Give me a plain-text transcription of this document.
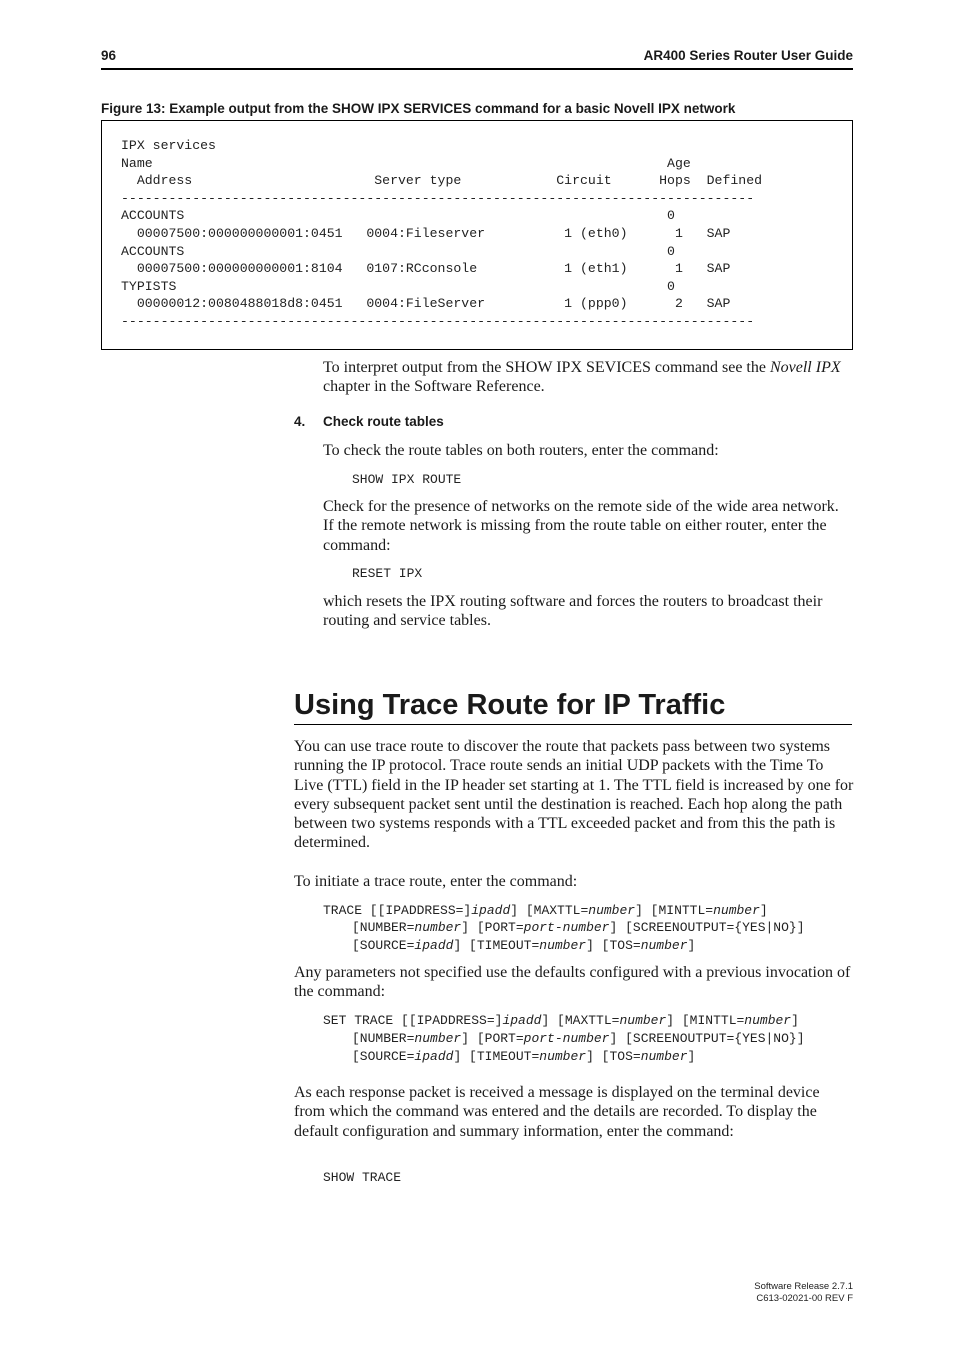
96	AR400 Series Router User Guide
Figure 13: Example output from the SHOW IPX SERVICES command for a basic Novell IPX network
IPX services
Name                                                                 Age
Address                       Server type            Circuit      Hops  Defined
--------------------------------------------------------------------------------
ACCOUNTS                                                             0
00007500:000000000001:0451   0004:Fileserver          1 (eth0)      1   SAP
ACCOUNTS                                                             0
00007500:000000000001:8104   0107:RCconsole           1 (eth1)      1   SAP
TYPISTS                                                              0
00000012:0080488018d8:0451   0004:FileServer          1 (ppp0)      2   SAP
--------------------------------------------------------------------------------

To interpret output from the SHOW IPX SEVICES command see the Novell IPX chapter in the Software Reference.

4. Check route tables

To check the route tables on both routers, enter the command:

SHOW IPX ROUTE

Check for the presence of networks on the remote side of the wide area network. If the remote network is missing from the route table on either router, enter the command:

RESET IPX

which resets the IPX routing software and forces the routers to broadcast their routing and service tables.

Using Trace Route for IP Traffic

You can use trace route to discover the route that packets pass between two systems running the IP protocol. Trace route sends an initial UDP packets with the Time To Live (TTL) field in the IP header set starting at 1. The TTL field is increased by one for every subsequent packet sent until the destination is reached. Each hop along the path between two systems responds with a TTL exceeded packet and from this the path is determined.

To initiate a trace route, enter the command:

TRACE [[IPADDRESS=]ipadd] [MAXTTL=number] [MINTTL=number]
[NUMBER=number] [PORT=port-number] [SCREENOUTPUT={YES|NO}]
[SOURCE=ipadd] [TIMEOUT=number] [TOS=number]

Any parameters not specified use the defaults configured with a previous invocation of the command:

SET TRACE [[IPADDRESS=]ipadd] [MAXTTL=number] [MINTTL=number]
[NUMBER=number] [PORT=port-number] [SCREENOUTPUT={YES|NO}]
[SOURCE=ipadd] [TIMEOUT=number] [TOS=number]

As each response packet is received a message is displayed on the terminal device from which the command was entered and the details are recorded. To display the default configuration and summary information, enter the command:

SHOW TRACE
Software Release 2.7.1
C613-02021-00 REV F
